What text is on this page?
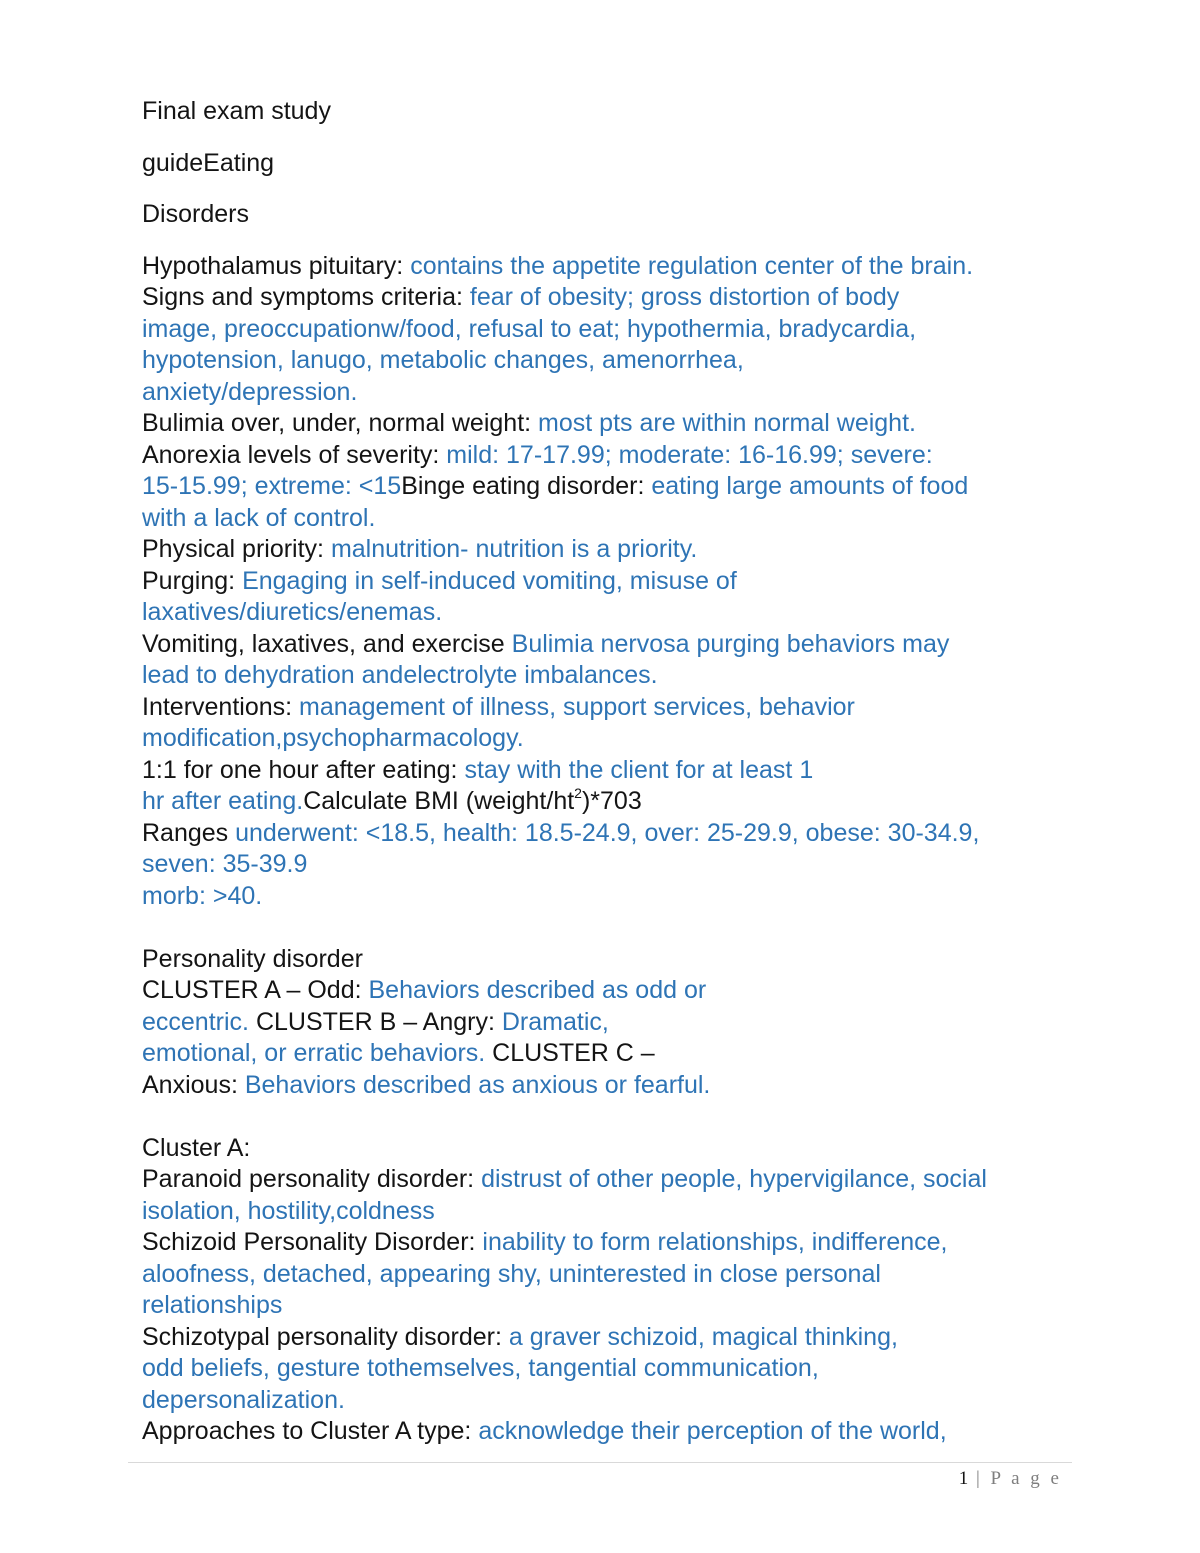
Final exam study
guideEating
Disorders
Hypothalamus pituitary: contains the appetite regulation center of the brain.
Signs and symptoms criteria: fear of obesity; gross distortion of body
image, preoccupationw/food, refusal to eat; hypothermia, bradycardia,
hypotension, lanugo, metabolic changes, amenorrhea,
anxiety/depression.
Bulimia over, under, normal weight: most pts are within normal weight.
Anorexia levels of severity: mild: 17-17.99; moderate: 16-16.99; severe:
15-15.99; extreme: <15Binge eating disorder: eating large amounts of food
with a lack of control.
Physical priority: malnutrition- nutrition is a priority.
Purging: Engaging in self-induced vomiting, misuse of
laxatives/diuretics/enemas.
Vomiting, laxatives, and exercise Bulimia nervosa purging behaviors may
lead to dehydration andelectrolyte imbalances.
Interventions: management of illness, support services, behavior
modification,psychopharmacology.
1:1 for one hour after eating: stay with the client for at least 1
hr after eating.Calculate BMI $(weight/ht^2)*703$
Ranges underwent: <18.5, health: 18.5-24.9, over: 25-29.9, obese: 30-34.9,
seven: 35-39.9
morb: >40.
Personality disorder
CLUSTER A – Odd: Behaviors described as odd or
eccentric. CLUSTER B – Angry: Dramatic,
emotional, or erratic behaviors. CLUSTER C –
Anxious: Behaviors described as anxious or fearful.
Cluster A:
Paranoid personality disorder: distrust of other people, hypervigilance, social
isolation, hostility,coldness
Schizoid Personality Disorder: inability to form relationships, indifference,
aloofness, detached, appearing shy, uninterested in close personal
relationships
Schizotypal personality disorder: a graver schizoid, magical thinking,
odd beliefs, gesture tothemselves, tangential communication,
depersonalization.
Approaches to Cluster A type: acknowledge their perception of the world,
1 | P a g e
